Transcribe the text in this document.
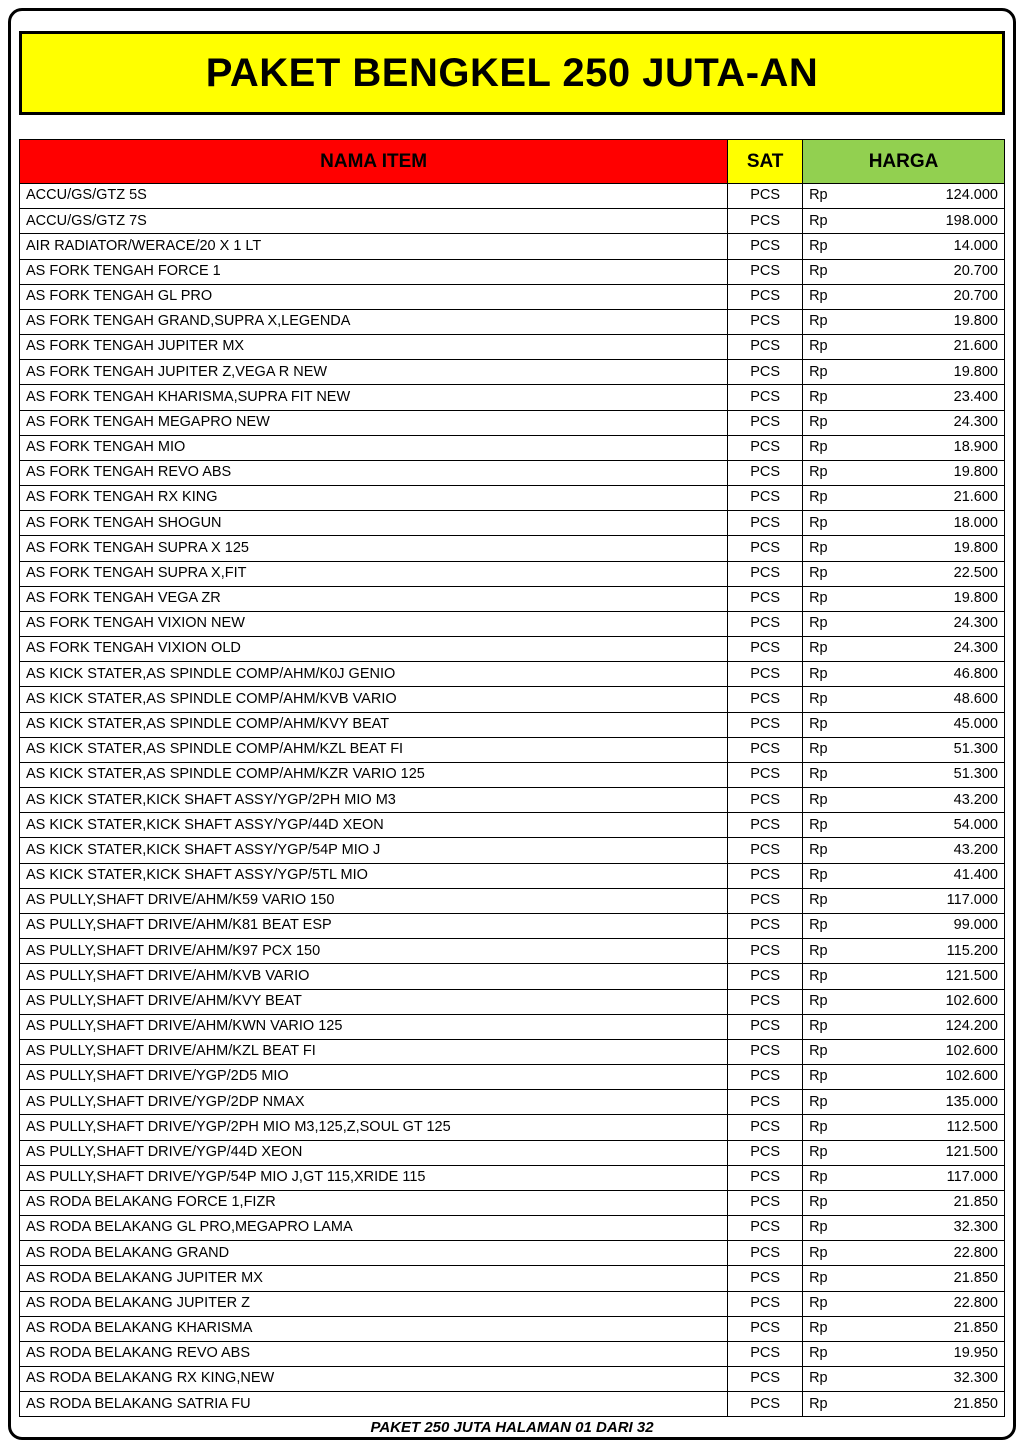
PAKET BENGKEL 250 JUTA-AN
NAMA ITEM	SAT	HARGA
ACCU/GS/GTZ 5S	PCS	Rp 124.000

ACCU/GS/GTZ 7S	PCS	Rp 198.000

AIR RADIATOR/WERACE/20 X 1 LT	PCS	Rp 14.000

AS FORK TENGAH FORCE 1	PCS	Rp 20.700

AS FORK TENGAH GL PRO	PCS	Rp 20.700

AS FORK TENGAH GRAND,SUPRA X,LEGENDA	PCS	Rp 19.800

AS FORK TENGAH JUPITER MX	PCS	Rp 21.600

AS FORK TENGAH JUPITER Z,VEGA R NEW	PCS	Rp 19.800

AS FORK TENGAH KHARISMA,SUPRA FIT NEW	PCS	Rp 23.400

AS FORK TENGAH MEGAPRO NEW	PCS	Rp 24.300

AS FORK TENGAH MIO	PCS	Rp 18.900

AS FORK TENGAH REVO ABS	PCS	Rp 19.800

AS FORK TENGAH RX KING	PCS	Rp 21.600

AS FORK TENGAH SHOGUN	PCS	Rp 18.000

AS FORK TENGAH SUPRA X 125	PCS	Rp 19.800

AS FORK TENGAH SUPRA X,FIT	PCS	Rp 22.500

AS FORK TENGAH VEGA ZR	PCS	Rp 19.800

AS FORK TENGAH VIXION NEW	PCS	Rp 24.300

AS FORK TENGAH VIXION OLD	PCS	Rp 24.300

AS KICK STATER,AS SPINDLE COMP/AHM/K0J GENIO	PCS	Rp 46.800

AS KICK STATER,AS SPINDLE COMP/AHM/KVB VARIO	PCS	Rp 48.600

AS KICK STATER,AS SPINDLE COMP/AHM/KVY BEAT	PCS	Rp 45.000

AS KICK STATER,AS SPINDLE COMP/AHM/KZL BEAT FI	PCS	Rp 51.300

AS KICK STATER,AS SPINDLE COMP/AHM/KZR VARIO 125	PCS	Rp 51.300

AS KICK STATER,KICK SHAFT ASSY/YGP/2PH MIO M3	PCS	Rp 43.200

AS KICK STATER,KICK SHAFT ASSY/YGP/44D XEON	PCS	Rp 54.000

AS KICK STATER,KICK SHAFT ASSY/YGP/54P MIO J	PCS	Rp 43.200

AS KICK STATER,KICK SHAFT ASSY/YGP/5TL MIO	PCS	Rp 41.400

AS PULLY,SHAFT DRIVE/AHM/K59 VARIO 150	PCS	Rp 117.000

AS PULLY,SHAFT DRIVE/AHM/K81 BEAT ESP	PCS	Rp 99.000

AS PULLY,SHAFT DRIVE/AHM/K97 PCX 150	PCS	Rp 115.200

AS PULLY,SHAFT DRIVE/AHM/KVB VARIO	PCS	Rp 121.500

AS PULLY,SHAFT DRIVE/AHM/KVY BEAT	PCS	Rp 102.600

AS PULLY,SHAFT DRIVE/AHM/KWN VARIO 125	PCS	Rp 124.200

AS PULLY,SHAFT DRIVE/AHM/KZL BEAT FI	PCS	Rp 102.600

AS PULLY,SHAFT DRIVE/YGP/2D5 MIO	PCS	Rp 102.600

AS PULLY,SHAFT DRIVE/YGP/2DP NMAX	PCS	Rp 135.000

AS PULLY,SHAFT DRIVE/YGP/2PH MIO M3,125,Z,SOUL GT 125	PCS	Rp 112.500

AS PULLY,SHAFT DRIVE/YGP/44D XEON	PCS	Rp 121.500

AS PULLY,SHAFT DRIVE/YGP/54P MIO J,GT 115,XRIDE 115	PCS	Rp 117.000

AS RODA BELAKANG FORCE 1,FIZR	PCS	Rp 21.850

AS RODA BELAKANG GL PRO,MEGAPRO LAMA	PCS	Rp 32.300

AS RODA BELAKANG GRAND	PCS	Rp 22.800

AS RODA BELAKANG JUPITER MX	PCS	Rp 21.850

AS RODA BELAKANG JUPITER Z	PCS	Rp 22.800

AS RODA BELAKANG KHARISMA	PCS	Rp 21.850

AS RODA BELAKANG REVO ABS	PCS	Rp 19.950

AS RODA BELAKANG RX KING,NEW	PCS	Rp 32.300

AS RODA BELAKANG SATRIA FU	PCS	Rp 21.850
PAKET 250 JUTA HALAMAN 01 DARI 32
